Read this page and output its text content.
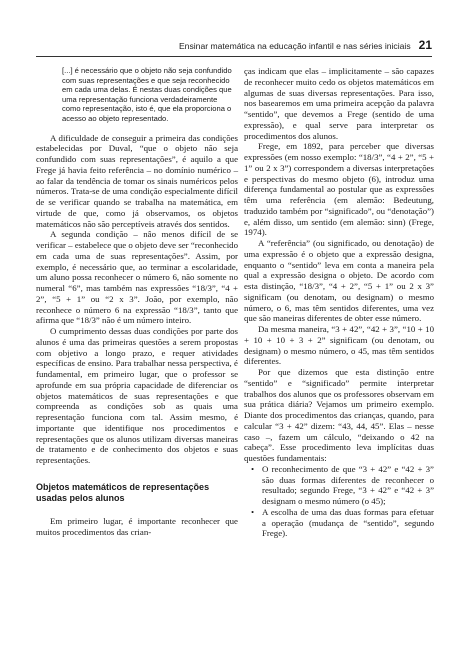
Ensinar matemática na educação infantil e nas séries iniciais 21

[...] é necessário que o objeto não seja confundido com suas representações e que seja reconhecido em cada uma delas. É nestas duas condições que uma representação funciona verdadeiramente como representação, isto é, que ela proporciona o acesso ao objeto representado.

A dificuldade de conseguir a primeira das condições estabelecidas por Duval, “que o objeto não seja confundido com suas representações”, é aquilo a que Frege já havia feito referência – no domínio numérico – ao falar da tendência de tomar os sinais numéricos pelos números. Trata-se de uma condição especialmente difícil de se verificar quando se trabalha na matemática, em virtude de que, como já observamos, os objetos matemáticos não são perceptíveis através dos sentidos.

A segunda condição – nâo menos difícil de se verificar – estabelece que o objeto deve ser “reconhecido em cada uma de suas representações”. Assim, por exemplo, é necessário que, ao terminar a escolaridade, um aluno possa reconhecer o número 6, não somente no numeral “6”, mas também nas expressões “18/3”, “4 + 2”, “5 + 1” ou “2 x 3”. João, por exemplo, não reconhece o número 6 na expressão “18/3”, tanto que afirma que “18/3” não é um número inteiro.

O cumprimento dessas duas condições por parte dos alunos é uma das primeiras questões a serem propostas com objetivo a longo prazo, e requer atividades específicas de ensino. Para trabalhar nessa perspectiva, é fundamental, em primeiro lugar, que o professor se aprofunde em sua própria capacidade de diferenciar os objetos matemáticos de suas representações e que compreenda as condições sob as quais uma representação funciona com tal. Assim mesmo, é importante que identifique nos procedimentos e representações que os alunos utilizam diversas maneiras de tratamento e de conhecimento dos objetos e suas representações.

Objetos matemáticos de representações usadas pelos alunos

Em primeiro lugar, é importante reconhecer que muitos procedimentos das crian-

ças indicam que elas – implicitamente – são capazes de reconhecer muito cedo os objetos matemáticos em algumas de suas diversas representações. Para isso, nos basearemos em uma primeira acepção da palavra “sentido”, que devemos a Frege (sentido de uma expressão), e qual serve para interpretar os procedimentos dos alunos.

Frege, em 1892, para perceber que diversas expressões (em nosso exemplo: “18/3”, “4 + 2”, “5 + 1” ou 2 x 3”) correspondem a diversas interpretações e perspectivas do mesmo objeto (6), introduz uma diferença fundamental ao postular que as expressões têm uma referência (em alemão: Bedeutung, traduzido também por “significado”, ou “denotação”) e, além disso, um sentido (em alemão: sinn) (Frege, 1974).

A “referência” (ou significado, ou denotação) de uma expressão é o objeto que a expressão designa, enquanto o “sentido” leva em conta a maneira pela qual a expressão designa o objeto. De acordo com esta distinção, “18/3”, “4 + 2”, “5 + 1” ou 2 x 3” significam (ou denotam, ou designam) o mesmo número, o 6, mas têm sentidos diferentes, uma vez que são maneiras diferentes de obter esse número.

Da mesma maneira, “3 + 42”, “42 + 3”, “10 + 10 + 10 + 10 + 3 + 2” significam (ou denotam, ou designam) o mesmo número, o 45, mas têm sentidos diferentes.

Por que dizemos que esta distinção entre “sentido” e “significado” permite interpretar trabalhos dos alunos que os professores observam em sua prática diária? Vejamos um primeiro exemplo. Diante dos procedimentos das crianças, quando, para calcular “3 + 42” dizem: “43, 44, 45”. Elas – nesse caso –, fazem um cálculo, “deixando o 42 na cabeça”. Esse procedimento leva implícitas duas questões fundamentais:

• O reconhecimento de que “3 + 42” e “42 + 3” são duas formas diferentes de reconhecer o resultado; segundo Frege, “3 + 42” e “42 + 3” designam o mesmo número (o 45);
• A escolha de uma das duas formas para efetuar a operação (mudança de “sentido”, segundo Frege).
